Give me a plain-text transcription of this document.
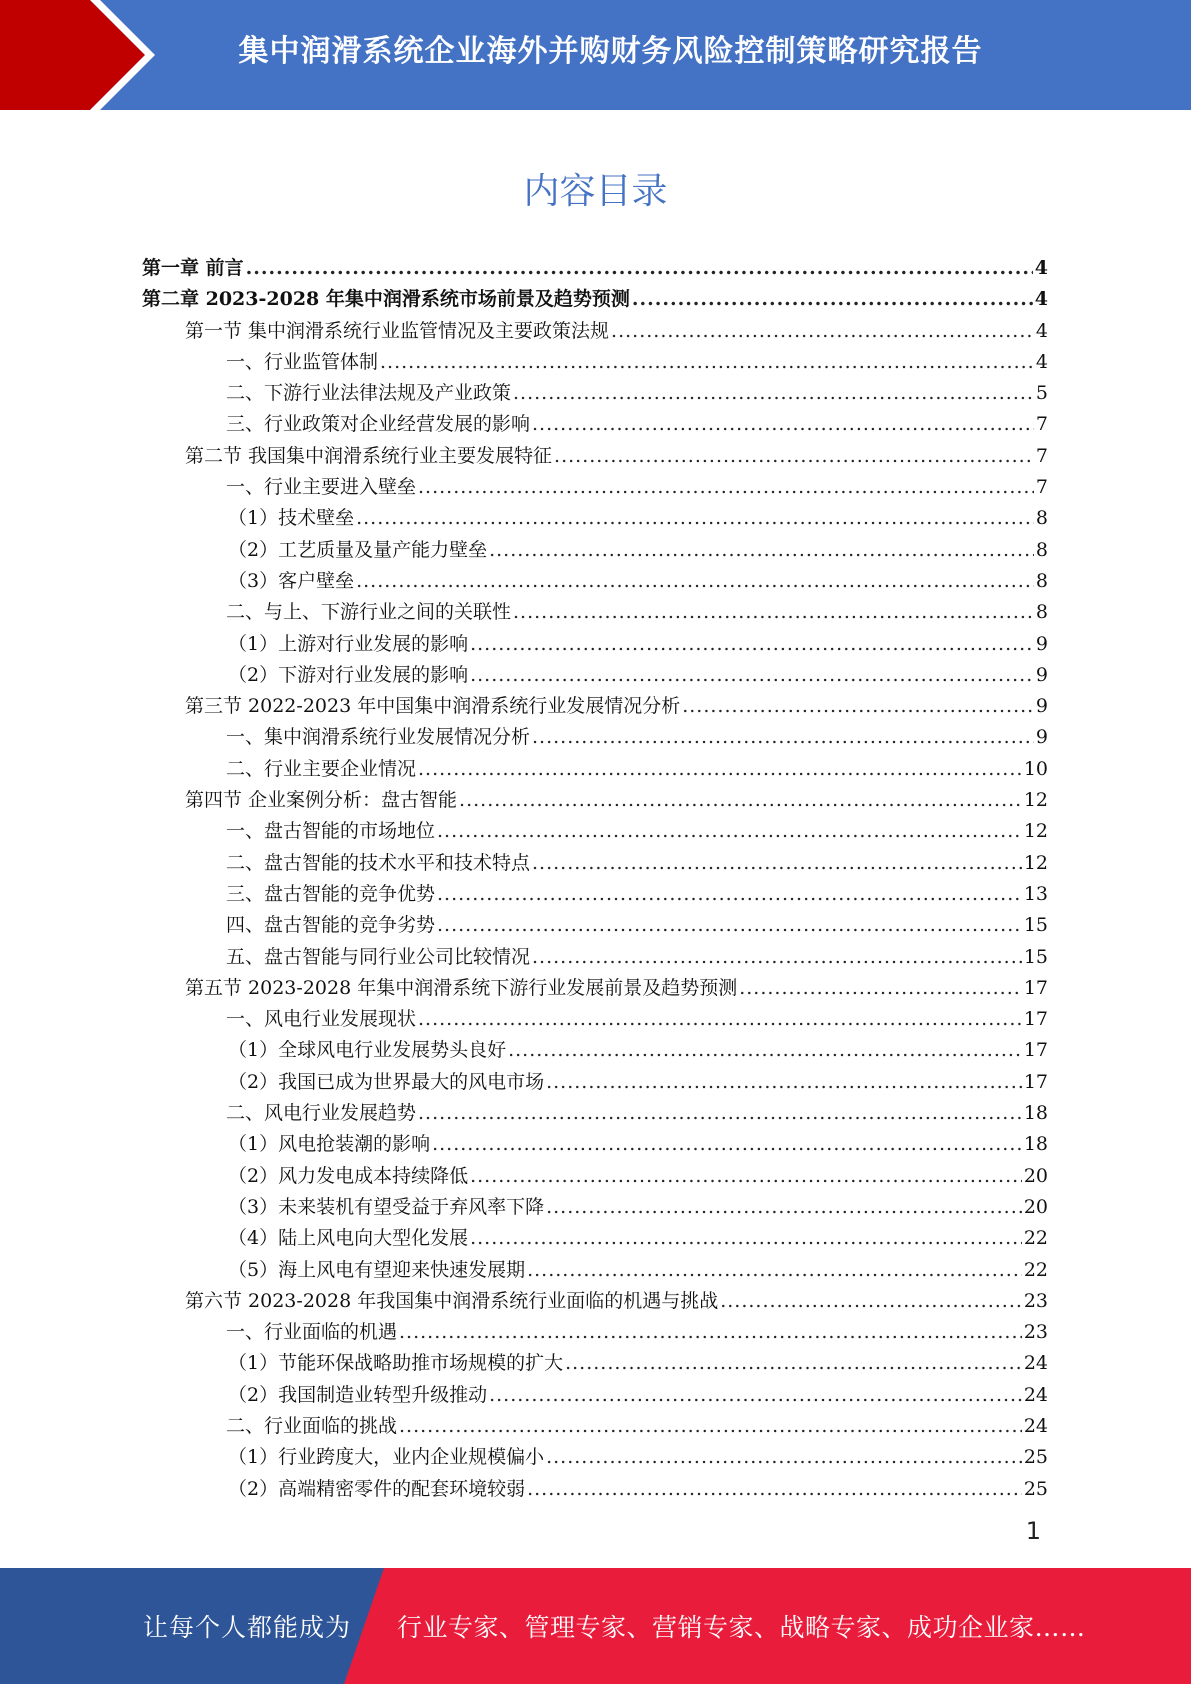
集中润滑系统企业海外并购财务风险控制策略研究报告
内容目录
第一章 前言 .....	4
第二章 2023-2028 年集中润滑系统市场前景及趋势预测 .....	4
第一节 集中润滑系统行业监管情况及主要政策法规 .....	4
一、行业监管体制 .....	4
二、下游行业法律法规及产业政策 .....	5
三、行业政策对企业经营发展的影响 .....	7
第二节 我国集中润滑系统行业主要发展特征 .....	7
一、行业主要进入壁垒 .....	7
（1）技术壁垒 .....	8
（2）工艺质量及量产能力壁垒 .....	8
（3）客户壁垒 .....	8
二、与上、下游行业之间的关联性 .....	8
（1）上游对行业发展的影响 .....	9
（2）下游对行业发展的影响 .....	9
第三节 2022-2023 年中国集中润滑系统行业发展情况分析 .....	9
一、集中润滑系统行业发展情况分析 .....	9
二、行业主要企业情况 .....	10
第四节 企业案例分析：盘古智能 .....	12
一、盘古智能的市场地位 .....	12
二、盘古智能的技术水平和技术特点 .....	12
三、盘古智能的竞争优势 .....	13
四、盘古智能的竞争劣势 .....	15
五、盘古智能与同行业公司比较情况 .....	15
第五节 2023-2028 年集中润滑系统下游行业发展前景及趋势预测 .....	17
一、风电行业发展现状 .....	17
（1）全球风电行业发展势头良好 .....	17
（2）我国已成为世界最大的风电市场 .....	17
二、风电行业发展趋势 .....	18
（1）风电抢装潮的影响 .....	18
（2）风力发电成本持续降低 .....	20
（3）未来装机有望受益于弃风率下降 .....	20
（4）陆上风电向大型化发展 .....	22
（5）海上风电有望迎来快速发展期 .....	22
第六节 2023-2028 年我国集中润滑系统行业面临的机遇与挑战 .....	23
一、行业面临的机遇 .....	23
（1）节能环保战略助推市场规模的扩大 .....	24
（2）我国制造业转型升级推动 .....	24
二、行业面临的挑战 .....	24
（1）行业跨度大，业内企业规模偏小 .....	25
（2）高端精密零件的配套环境较弱 .....	25
1
让每个人都能成为 行业专家、管理专家、营销专家、战略专家、成功企业家……
